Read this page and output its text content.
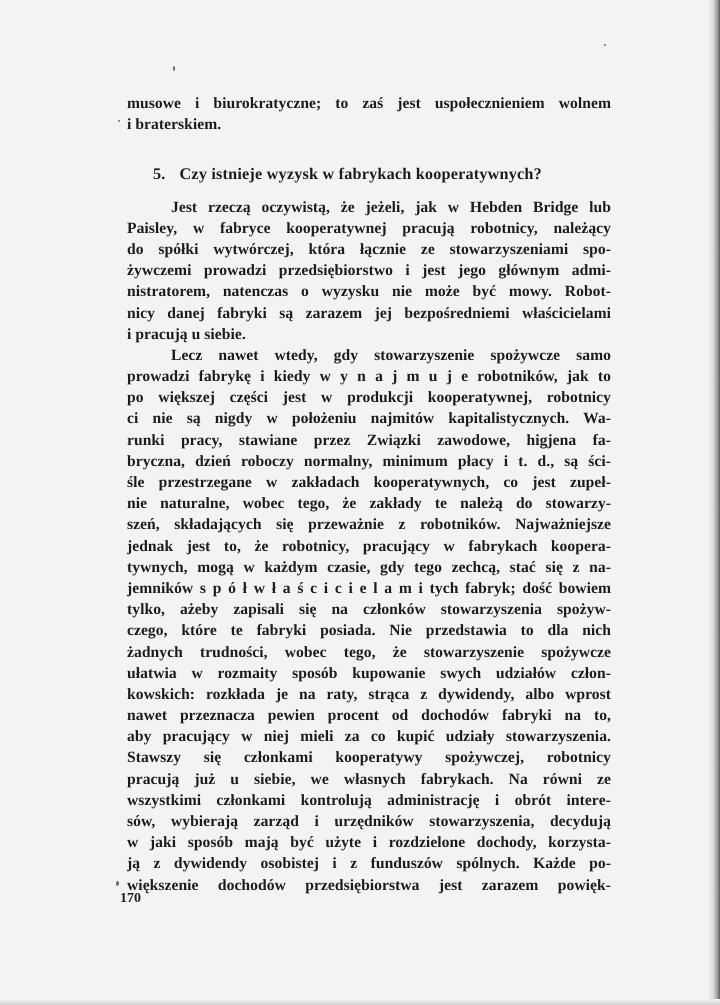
musowe i biurokratyczne; to zaś jest uspołecznieniem wolnem
i braterskiem.
5. Czy istnieje wyzysk w fabrykach kooperatywnych?
Jest rzeczą oczywistą, że jeżeli, jak w Hebden Bridge lub
Paisley, w fabryce kooperatywnej pracują robotnicy, należący
do spółki wytwórczej, która łącznie ze stowarzyszeniami spo-
żywczemi prowadzi przedsiębiorstwo i jest jego głównym admi-
nistratorem, natenczas o wyzysku nie może być mowy. Robot-
nicy danej fabryki są zarazem jej bezpośredniemi właścicielami
i pracują u siebie.
Lecz nawet wtedy, gdy stowarzyszenie spożywcze samo
prowadzi fabrykę i kiedy w y n a j m u j e robotników, jak to
po większej części jest w produkcji kooperatywnej, robotnicy
ci nie są nigdy w położeniu najmitów kapitalistycznych. Wa-
runki pracy, stawiane przez Związki zawodowe, higjena fa-
bryczna, dzień roboczy normalny, minimum płacy i t. d., są ści-
śle przestrzegane w zakładach kooperatywnych, co jest zupeł-
nie naturalne, wobec tego, że zakłady te należą do stowarzy-
szeń, składających się przeważnie z robotników. Najważniejsze
jednak jest to, że robotnicy, pracujący w fabrykach koopera-
tywnych, mogą w każdym czasie, gdy tego zechcą, stać się z na-
jemników s p ó ł w ł a ś c i c i e l a m i tych fabryk; dość bowiem
tylko, ażeby zapisali się na członków stowarzyszenia spożyw-
czego, które te fabryki posiada. Nie przedstawia to dla nich
żadnych trudności, wobec tego, że stowarzyszenie spożywcze
ułatwia w rozmaity sposób kupowanie swych udziałów człon-
kowskich: rozkłada je na raty, strąca z dywidendy, albo wprost
nawet przeznacza pewien procent od dochodów fabryki na to,
aby pracujący w niej mieli za co kupić udziały stowarzyszenia.
Stawszy się członkami kooperatywy spożywczej, robotnicy
pracują już u siebie, we własnych fabrykach. Na równi ze
wszystkimi członkami kontrolują administrację i obrót interе-
sów, wybierają zarząd i urzędników stowarzyszenia, decydują
w jaki sposób mają być użyte i rozdzielone dochody, korzysta-
ją z dywidendy osobistej i z funduszów spólnych. Każde po-
większenie dochodów przedsiębiorstwa jest zarazem powięk-
170
